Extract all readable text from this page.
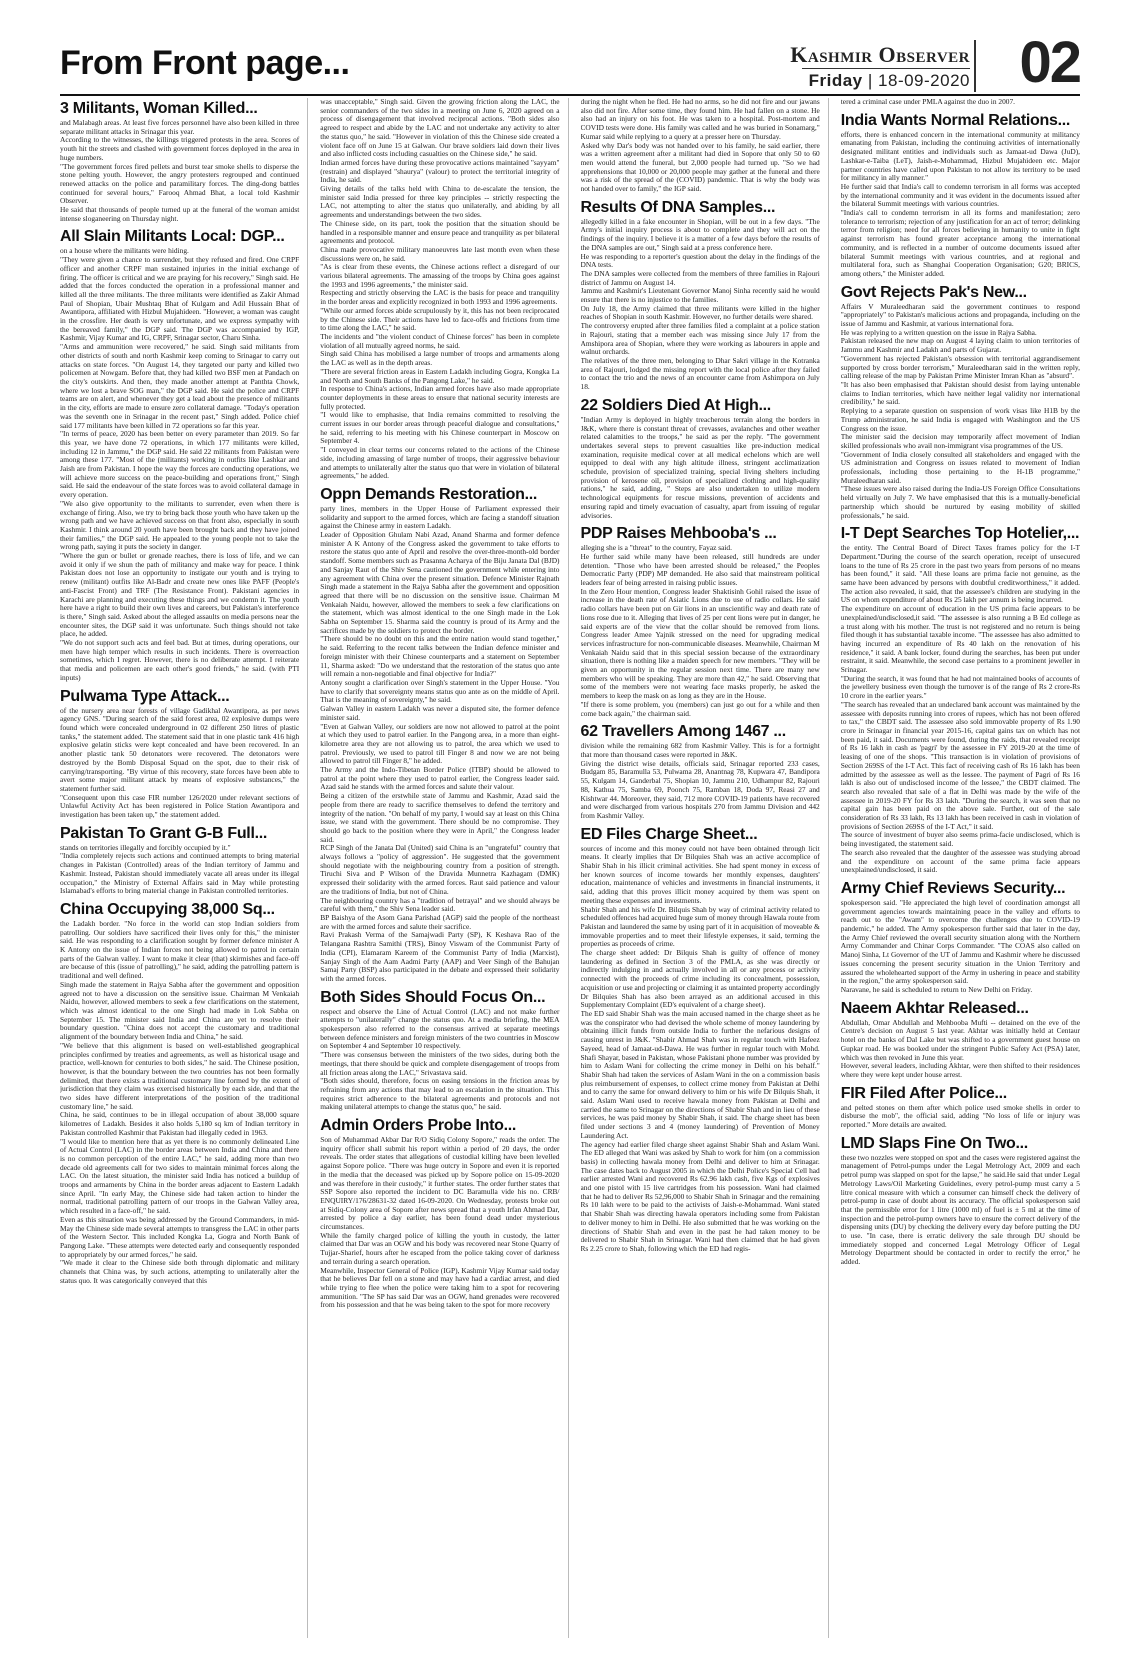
From Front page...	Kashmir Observer
Friday | 18-09-2020 02
3 Militants, Woman Killed...

and Malabagh areas. At least five forces personnel have also been killed in three separate militant attacks in Srinagar this year.

According to the witnesses, the killings triggered protests in the area. Scores of youth hit the streets and clashed with government forces deployed in the area in huge numbers.

"The government forces fired pellets and burst tear smoke shells to disperse the stone pelting youth. However, the angry protesters regrouped and continued renewed attacks on the police and paramilitary forces. The ding-dong battles continued for several hours," Farooq Ahmad Bhat, a local told Kashmir Observer.

He said that thousands of people turned up at the funeral of the woman amidst intense sloganeering on Thursday night.

All Slain Militants Local: DGP...

on a house where the militants were hiding.

"They were given a chance to surrender, but they refused and fired. One CRPF officer and another CRPF man sustained injuries in the initial exchange of firing. The officer is critical and we are praying for his recovery," Singh said. He added that the forces conducted the operation in a professional manner and killed all the three militants. The three militants were identified as Zakir Ahmad Paul of Shopian, Ubair Mushtaq Bhat of Kulgam and Adil Hussain Bhat of Awantipora, affiliated with Hizbul Mujahideen. "However, a woman was caught in the crossfire. Her death is very unfortunate, and we express sympathy with the bereaved family," the DGP said. The DGP was accompanied by IGP, Kashmir, Vijay Kumar and IG, CRPF, Srinagar sector, Charu Sinha.

"Arms and ammunition were recovered," he said. Singh said militants from other districts of south and north Kashmir keep coming to Srinagar to carry out attacks on state forces. "On August 14, they targeted our party and killed two policemen at Nowgam. Before that, they had killed two BSF men at Pandach on the city's outskirts. And then, they made another attempt at Panthta Chowk, where we lost a brave SOG man," the DGP said. He said the police and CRPF teams are on alert, and whenever they get a lead about the presence of militants in the city, efforts are made to ensure zero collateral damage. "Today's operation was the seventh one in Srinagar in the recent past," Singh added. Police chief said 177 militants have been killed in 72 operations so far this year.

"In terms of peace, 2020 has been better on every parameter than 2019. So far this year, we have done 72 operations, in which 177 militants were killed, including 12 in Jammu," the DGP said. He said 22 militants from Pakistan were among these 177. "Most of the (militants) working in outfits like Lashkar and Jaish are from Pakistan. I hope the way the forces are conducting operations, we will achieve more success on the peace-building and operations front," Singh said. He said the endeavour of the state forces was to avoid collateral damage in every operation.

"We also give opportunity to the militants to surrender, even when there is exchange of firing. Also, we try to bring back those youth who have taken up the wrong path and we have achieved success on that front also, especially in south Kashmir. I think around 20 youth have been brought back and they have joined their families," the DGP said. He appealed to the young people not to take the wrong path, saying it puts the society in danger.

"Where the gun or bullet or grenade reaches, there is loss of life, and we can avoid it only if we shun the path of militancy and make way for peace. I think Pakistan does not lose an opportunity to instigate our youth and is trying to renew (militant) outfits like Al-Badr and create new ones like PAFF (People's anti-Fascist Front) and TRF (The Resistance Front). Pakistani agencies in Karachi are planning and executing these things and we condemn it. The youth here have a right to build their own lives and careers, but Pakistan's interference is there," Singh said. Asked about the alleged assaults on media persons near the encounter sites, the DGP said it was unfortunate. Such things should not take place, he added.

"We do not support such acts and feel bad. But at times, during operations, our men have high temper which results in such incidents. There is overreaction sometimes, which I regret. However, there is no deliberate attempt. I reiterate that media and policemen are each other's good friends," he said. (with PTI inputs)

Pulwama Type Attack...

of the nursery area near forests of village Gadikhal Awantipora, as per news agency GNS. "During search of the said forest area, 02 explosive dumps were found which were concealed underground in 02 different 250 litres of plastic tanks," the statement added. The statement said that in one plastic tank 416 high explosive gelatin sticks were kept concealed and have been recovered. In an another plastic tank 50 detonators were recovered. The detonators were destroyed by the Bomb Disposal Squad on the spot, due to their risk of carrying/transporting. "By virtue of this recovery, state forces have been able to avert some major militant attack by means of explosive substances," the statement further said.

"Consequent upon this case FIR number 126/2020 under relevant sections of Unlawful Activity Act has been registered in Police Station Awantipora and investigation has been taken up," the statement added.

Pakistan To Grant G-B Full...

stands on territories illegally and forcibly occupied by it."

"India completely rejects such actions and continued attempts to bring material changes in Pakistan (Controlled) areas of the Indian territory of Jammu and Kashmir. Instead, Pakistan should immediately vacate all areas under its illegal occupation," the Ministry of External Affairs said in May while protesting Islamabad's efforts to bring material change in Pakistan controlled territories.

China Occupying 38,000 Sq...

the Ladakh border. "No force in the world can stop Indian soldiers from patrolling. Our soldiers have sacrificed their lives only for this," the minister said. He was responding to a clarification sought by former defence minister A K Antony on the issue of Indian forces not being allowed to patrol in certain parts of the Galwan valley. I want to make it clear (that) skirmishes and face-off are because of this (issue of patrolling)," he said, adding the patrolling pattern is traditional and well defined.

Singh made the statement in Rajya Sabha after the government and opposition agreed not to have a discussion on the sensitive issue. Chairman M Venkaiah Naidu, however, allowed members to seek a few clarifications on the statement, which was almost identical to the one Singh had made in Lok Sabha on September 15. The minister said India and China are yet to resolve their boundary question. "China does not accept the customary and traditional alignment of the boundary between India and China," he said.

"We believe that this alignment is based on well-established geographical principles confirmed by treaties and agreements, as well as historical usage and practice, well-known for centuries to both sides," he said. The Chinese position, however, is that the boundary between the two countries has not been formally delimited, that there exists a traditional customary line formed by the extent of jurisdiction that they claim was exercised historically by each side, and that the two sides have different interpretations of the position of the traditional customary line," he said.

China, he said, continues to be in illegal occupation of about 38,000 square kilometres of Ladakh. Besides it also holds 5,180 sq km of Indian territory in Pakistan controlled Kashmir that Pakistan had illegally ceded in 1963.

"I would like to mention here that as yet there is no commonly delineated Line of Actual Control (LAC) in the border areas between India and China and there is no common perception of the entire LAC," he said, adding more than two decade old agreements call for two sides to maintain minimal forces along the LAC. On the latest situation, the minister said India has noticed a buildup of troops and armaments by China in the border areas adjacent to Eastern Ladakh since April. "In early May, the Chinese side had taken action to hinder the normal, traditional patrolling pattern of our troops in the Galwan Valley area, which resulted in a face-off," he said.

Even as this situation was being addressed by the Ground Commanders, in mid-May the Chinese side made several attempts to transgress the LAC in other parts of the Western Sector. This included Kongka La, Gogra and North Bank of Pangong Lake. "These attempts were detected early and consequently responded to appropriately by our armed forces," he said.

"We made it clear to the Chinese side both through diplomatic and military channels that China was, by such actions, attempting to unilaterally alter the status quo. It was categorically conveyed that this

was unacceptable," Singh said. Given the growing friction along the LAC, the senior commanders of the two sides in a meeting on June 6, 2020 agreed on a process of disengagement that involved reciprocal actions. "Both sides also agreed to respect and abide by the LAC and not undertake any activity to alter the status quo," he said. "However in violation of this the Chinese side created a violent face off on June 15 at Galwan. Our brave soldiers laid down their lives and also inflicted costs including casualties on the Chinese side," he said.

Indian armed forces have during these provocative actions maintained "sayyam" (restrain) and displayed "shaurya" (valour) to protect the territorial integrity of India, he said.

Giving details of the talks held with China to de-escalate the tension, the minister said India pressed for three key principles -- strictly respecting the LAC, not attempting to alter the status quo unilaterally, and abiding by all agreements and understandings between the two sides.

The Chinese side, on its part, took the position that the situation should be handled in a responsible manner and ensure peace and tranquility as per bilateral agreements and protocol.

China made provocative military manoeuvres late last month even when these discussions were on, he said.

"As is clear from these events, the Chinese actions reflect a disregard of our various bilateral agreements. The amassing of the troops by China goes against the 1993 and 1996 agreements," the minister said.

Respecting and strictly observing the LAC is the basis for peace and tranquility in the border areas and explicitly recognized in both 1993 and 1996 agreements.

"While our armed forces abide scrupulously by it, this has not been reciprocated by the Chinese side. Their actions have led to face-offs and frictions from time to time along the LAC," he said.

The incidents and "the violent conduct of Chinese forces" has been in complete violation of all mutually agreed norms, he said.

Singh said China has mobilised a large number of troops and armaments along the LAC as well as in the depth areas.

"There are several friction areas in Eastern Ladakh including Gogra, Kongka La and North and South Banks of the Pangong Lake," he said.

In response to China's actions, Indian armed forces have also made appropriate counter deployments in these areas to ensure that national security interests are fully protected.

"I would like to emphasise, that India remains committed to resolving the current issues in our border areas through peaceful dialogue and consultations," he said, referring to his meeting with his Chinese counterpart in Moscow on September 4.

"I conveyed in clear terms our concerns related to the actions of the Chinese side, including amassing of large number of troops, their aggressive behaviour and attempts to unilaterally alter the status quo that were in violation of bilateral agreements," he added.

Oppn Demands Restoration...

party lines, members in the Upper House of Parliament expressed their solidarity and support to the armed forces, which are facing a standoff situation against the Chinese army in eastern Ladakh.

Leader of Opposition Ghulam Nabi Azad, Anand Sharma and former defence minister A K Antony of the Congress asked the government to take efforts to restore the status quo ante of April and resolve the over-three-month-old border standoff. Some members such as Prasanna Acharya of the Biju Janata Dal (BJD) and Sanjay Raut of the Shiv Sena cautioned the government while entering into any agreement with China over the present situation. Defence Minister Rajnath Singh made a statement in the Rajya Sabha after the government and opposition agreed that there will be no discussion on the sensitive issue. Chairman M Venkaiah Naidu, however, allowed the members to seek a few clarifications on the statement, which was almost identical to the one Singh made in the Lok Sabha on September 15. Sharma said the country is proud of its Army and the sacrifices made by the soldiers to protect the border.

"There should be no doubt on this and the entire nation would stand together," he said. Referring to the recent talks between the Indian defence minister and foreign minister with their Chinese counterparts and a statement on September 11, Sharma asked: "Do we understand that the restoration of the status quo ante will remain a non-negotiable and final objective for India?"

Antony sought a clarification over Singh's statement in the Upper House. "You have to clarify that sovereignty means status quo ante as on the middle of April. That is the meaning of sovereignty," he said.

Galwan Valley in eastern Ladakh was never a disputed site, the former defence minister said.

"Even at Galwan Valley, our soldiers are now not allowed to patrol at the point at which they used to patrol earlier. In the Pangong area, in a more than eight-kilometre area they are not allowing us to patrol, the area which we used to patrol. Previously, we used to patrol till Finger 8 and now we are not being allowed to patrol till Finger 8," he added.

The Army and the Indo-Tibetan Border Police (ITBP) should be allowed to patrol at the point where they used to patrol earlier, the Congress leader said. Azad said he stands with the armed forces and salute their valour.

Being a citizen of the erstwhile state of Jammu and Kashmir, Azad said the people from there are ready to sacrifice themselves to defend the territory and integrity of the nation. "On behalf of my party, I would say at least on this China issue, we stand with the government. There should be no compromise. They should go back to the position where they were in April," the Congress leader said.

RCP Singh of the Janata Dal (United) said China is an "ungrateful" country that always follows a "policy of aggression". He suggested that the government should negotiate with the neighbouring country from a position of strength. Tiruchi Siva and P Wilson of the Dravida Munnetra Kazhagam (DMK) expressed their solidarity with the armed forces. Raut said patience and valour are the traditions of India, but not of China.

The neighbouring country has a "tradition of betrayal" and we should always be careful with them," the Shiv Sena leader said.

BP Baishya of the Asom Gana Parishad (AGP) said the people of the northeast are with the armed forces and salute their sacrifice.

Ravi Prakash Verma of the Samajwadi Party (SP), K Keshava Rao of the Telangana Rashtra Samithi (TRS), Binoy Viswam of the Communist Party of India (CPI), Elamaram Kareem of the Communist Party of India (Marxist), Sanjay Singh of the Aam Aadmi Party (AAP) and Veer Singh of the Bahujan Samaj Party (BSP) also participated in the debate and expressed their solidarity with the armed forces.

Both Sides Should Focus On...

respect and observe the Line of Actual Control (LAC) and not make further attempts to "unilaterally" change the status quo. At a media briefing, the MEA spokesperson also referred to the consensus arrived at separate meetings between defence ministers and foreign ministers of the two countries in Moscow on September 4 and September 10 respectively.

"There was consensus between the ministers of the two sides, during both the meetings, that there should be quick and complete disengagement of troops from all friction areas along the LAC," Srivastava said.

"Both sides should, therefore, focus on easing tensions in the friction areas by refraining from any actions that may lead to an escalation in the situation. This requires strict adherence to the bilateral agreements and protocols and not making unilateral attempts to change the status quo," he said.

Admin Orders Probe Into...

Son of Muhammad Akbar Dar R/O Sidiq Colony Sopore," reads the order. The inquiry officer shall submit his report within a period of 20 days, the order reveals. The order states that allegations of custodial killing have been levelled against Sopore police. "There was huge outcry in Sopore and even it is reported in the media that the deceased was picked up by Sopore police on 15-09-2020 and was therefore in their custody," it further states. The order further states that SSP Sopore also reported the incident to DC Baramulla vide his no. CRB/ ENQUIRY/176/28631-32 dated 16-09-2020. On Wednesday, protests broke out at Sidiq-Colony area of Sopore after news spread that a youth Irfan Ahmad Dar, arrested by police a day earlier, has been found dead under mysterious circumstances.

While the family charged police of killing the youth in custody, the latter claimed that Dar was an OGW and his body was recovered near Stone Quarry of Tujjar-Sharief, hours after he escaped from the police taking cover of darkness and terrain during a search operation.

Meanwhile, Inspector General of Police (IGP), Kashmir Vijay Kumar said today that he believes Dar fell on a stone and may have had a cardiac arrest, and died while trying to flee when the police were taking him to a spot for recovering ammunition. "The SP has said Dar was an OGW, hand grenades were recovered from his possession and that he was being taken to the spot for more recovery

during the night when he fled. He had no arms, so he did not fire and our jawans also did not fire. After some time, they found him. He had fallen on a stone. He also had an injury on his foot. He was taken to a hospital. Post-mortem and COVID tests were done. His family was called and he was buried in Sonamarg," Kumar said while replying to a query at a presser here on Thursday.

Asked why Dar's body was not handed over to his family, he said earlier, there was a written agreement after a militant had died in Sopore that only 50 to 60 men would attend the funeral, but 2,000 people had turned up. "So we had apprehensions that 10,000 or 20,000 people may gather at the funeral and there was a risk of the spread of the (COVID) pandemic. That is why the body was not handed over to family," the IGP said.

Results Of DNA Samples...

allegedly killed in a fake encounter in Shopian, will be out in a few days. "The Army's initial inquiry process is about to complete and they will act on the findings of the inquiry. I believe it is a matter of a few days before the results of the DNA samples are out," Singh said at a press conference here.

He was responding to a reporter's question about the delay in the findings of the DNA tests.

The DNA samples were collected from the members of three families in Rajouri district of Jammu on August 14.

Jammu and Kashmir's Lieutenant Governor Manoj Sinha recently said he would ensure that there is no injustice to the families.

On July 18, the Army claimed that three militants were killed in the higher reaches of Shopian in south Kashmir. However, no further details were shared.

The controversy erupted after three families filed a complaint at a police station in Rajouri, stating that a member each was missing since July 17 from the Amshipora area of Shopian, where they were working as labourers in apple and walnut orchards.

The relatives of the three men, belonging to Dhar Sakri village in the Kotranka area of Rajouri, lodged the missing report with the local police after they failed to contact the trio and the news of an encounter came from Ashimpora on July 18.

22 Soldiers Died At High...

"Indian Army is deployed in highly treacherous terrain along the borders in J&K, where there is constant threat of crevasses, avalanches and other weather related calamities to the troops," he said as per the reply. "The government undertakes several steps to prevent casualties like pre-induction medical examination, requisite medical cover at all medical echelons which are well equipped to deal with any high altitude illness, stringent acclimatization schedule, provision of specialized training, special living shelters including provision of kerosene oil, provision of specialized clothing and high-quality rations," he said, adding, " Steps are also undertaken to utilize modern technological equipments for rescue missions, prevention of accidents and ensuring rapid and timely evacuation of casualty, apart from issuing of regular advisories.

PDP Raises Mehbooba's ...

alleging she is a "threat" to the country, Fayaz said.

He further said while many have been released, still hundreds are under detention. "Those who have been arrested should be released," the Peoples Democratic Party (PDP) MP demanded. He also said that mainstream political leaders fear of being arrested in raising public issues.

In the Zero Hour mention, Congress leader Shaktisinh Gohil raised the issue of increase in the death rate of Asiatic Lions due to use of radio collars. He said radio collars have been put on Gir lions in an unscientific way and death rate of lions rose due to it. Alleging that lives of 25 per cent lions were put in danger, he said experts are of the view that the collar should be removed from lions. Congress leader Amee Yajnik stressed on the need for upgrading medical services infrastructure for non-communicable diseases. Meanwhile, Chairman M Venkaiah Naidu said that in this special session because of the extraordinary situation, there is nothing like a maiden speech for new members. "They will be given an opportunity in the regular session next time. There are many new members who will be speaking. They are more than 42," he said. Observing that some of the members were not wearing face masks properly, he asked the members to keep the mask on as long as they are in the House.

"If there is some problem, you (members) can just go out for a while and then come back again," the chairman said.

62 Travellers Among 1467 ...

division while the remaining 682 from Kashmir Valley. This is for a fortnight that more than thousand cases were reported in J&K.

Giving the district wise details, officials said, Srinagar reported 233 cases, Budgam 85, Baramulla 53, Pulwama 28, Anantnag 78, Kupwara 47, Bandipora 55, Kulgam 14, Ganderbal 75, Shopian 10, Jammu 210, Udhampur 82, Rajouri 88, Kathua 75, Samba 69, Poonch 75, Ramban 18, Doda 97, Reasi 27 and Kishtwar 44. Moreover, they said, 712 more COVID-19 patients have recovered and were discharged from various hospitals 270 from Jammu Division and 442 from Kashmir Valley.

ED Files Charge Sheet...

sources of income and this money could not have been obtained through licit means. It clearly implies that Dr Bilquies Shah was an active accomplice of Shabir Shah in his illicit criminal activities. She had spent money in excess of her known sources of income towards her monthly expenses, daughters' education, maintenance of vehicles and investments in financial instruments, it said, adding that this proves illicit money acquired by them was spent on meeting these expenses and investments.

Shabir Shah and his wife Dr. Bilquis Shah by way of criminal activity related to scheduled offences had acquired huge sum of money through Hawala route from Pakistan and laundered the same by using part of it in acquisition of moveable & immovable properties and to meet their lifestyle expenses, it said, terming the properties as proceeds of crime.

The charge sheet added: Dr Bilquis Shah is guilty of offence of money laundering as defined in Section 3 of the PMLA, as she was directly or indirectly indulging in and actually involved in all or any process or activity connected with the proceeds of crime including its concealment, possession, acquisition or use and projecting or claiming it as untainted property accordingly Dr Bilquies Shah has also been arrayed as an additional accused in this Supplementary Complaint (ED's equivalent of a charge sheet).

The ED said Shabir Shah was the main accused named in the charge sheet as he was the conspirator who had devised the whole scheme of money laundering by obtaining illicit funds from outside India to further the nefarious designs of causing unrest in J&K. "Shabir Ahmad Shah was in regular touch with Hafeez Sayeed, head of Jamaat-ud-Dawa. He was further in regular touch with Mohd. Shafi Shayar, based in Pakistan, whose Pakistani phone number was provided by him to Aslam Wani for collecting the crime money in Delhi on his behalf." Shabir Shah had taken the services of Aslam Wani in the on a commission basis plus reimbursement of expenses, to collect crime money from Pakistan at Delhi and to carry the same for onward delivery to him or his wife Dr Bilquis Shah, it said. Aslam Wani used to receive hawala money from Pakistan at Delhi and carried the same to Srinagar on the directions of Shabir Shah and in lieu of these services, he was paid money by Shabir Shah, it said. The charge sheet has been filed under sections 3 and 4 (money laundering) of Prevention of Money Laundering Act.

The agency had earlier filed charge sheet against Shabir Shah and Aslam Wani. The ED alleged that Wani was asked by Shah to work for him (on a commission basis) in collecting hawala money from Delhi and deliver to him at Srinagar. The case dates back to August 2005 in which the Delhi Police's Special Cell had earlier arrested Wani and recovered Rs 62.96 lakh cash, five Kgs of explosives and one pistol with 15 live cartridges from his possession. Wani had claimed that he had to deliver Rs 52,96,000 to Shabir Shah in Srinagar and the remaining Rs 10 lakh were to be paid to the activists of Jaish-e-Mohammad. Wani stated that Shabir Shah was directing hawala operators including some from Pakistan to deliver money to him in Delhi. He also submitted that he was working on the directions of Shabir Shah and even in the past he had taken money to be delivered to Shabir Shah in Srinagar. Wani had then claimed that he had given Rs 2.25 crore to Shah, following which the ED had regis-

tered a criminal case under PMLA against the duo in 2007.

India Wants Normal Relations...

efforts, there is enhanced concern in the international community at militancy emanating from Pakistan, including the continuing activities of internationally designated militant entities and individuals such as Jamaat-ud Dawa (JuD), Lashkar-e-Taiba (LeT), Jaish-e-Mohammad, Hizbul Mujahideen etc. Major partner countries have called upon Pakistan to not allow its territory to be used for militancy in ally manner."

He further said that India's call to condemn terrorism in all forms was accepted by the international community and it was evident in the documents issued after the bilateral Summit meetings with various countries.

"India's call to condemn terrorism in all its forms and manifestation; zero tolerance to terrorism; rejection of any justification for an act of terror; delinking terror from religion; need for all forces believing in humanity to unite in fight against terrorism has found greater acceptance among the international community, and is reflected in a number of outcome documents issued after bilateral Summit meetings with various countries, and at regional and multilateral fora, such as Shanghai Cooperation Organisation; G20; BRICS, among others," the Minister added.

Govt Rejects Pak's New...

Affairs V Muraleedharan said the government continues to respond "appropriately" to Pakistan's malicious actions and propaganda, including on the issue of Jammu and Kashmir, at various international fora.

He was replying to a written question on the issue in Rajya Sabha.

Pakistan released the new map on August 4 laying claim to union territories of Jammu and Kashmir and Ladakh and parts of Gujarat.

"Government has rejected Pakistan's obsession with territorial aggrandisement supported by cross border terrorism," Muraleedharan said in the written reply, calling release of the map by Pakistan Prime Minister Imran Khan as "absurd".

"It has also been emphasised that Pakistan should desist from laying untenable claims to Indian territories, which have neither legal validity nor international credibility," he said.

Replying to a separate question on suspension of work visas like H1B by the Trump administration, he said India is engaged with Washington and the US Congress on the issue.

The minister said the decision may temporarily affect movement of Indian skilled professionals who avail non-immigrant visa programmes of the US.

"Government of India closely consulted all stakeholders and engaged with the US administration and Congress on issues related to movement of Indian professionals, including those pertaining to the H-1B programme," Muraleedharan said.

"These issues were also raised during the India-US Foreign Office Consultations held virtually on July 7. We have emphasised that this is a mutually-beneficial partnership which should be nurtured by easing mobility of skilled professionals," he said.

I-T Dept Searches Top Hotelier,...

the entity. The Central Board of Direct Taxes frames policy for the I-T Department."During the course of the search operation, receipt of unsecured loans to the tune of Rs 25 crore in the past two years from persons of no means has been found," it said. "All these loans are prima facie not genuine, as the same have been advanced by persons with doubtful creditworthiness," it added. The action also revealed, it said, that the assessee's children are studying in the US on whom expenditure of about Rs 25 lakh per annum is being incurred.

The expenditure on account of education in the US prima facie appears to be unexplained/undisclosed,it said. "The assessee is also running a B Ed college as a trust along with his mother. The trust is not registered and no return is being filed though it has substantial taxable income. "The assessee has also admitted to having incurred an expenditure of Rs 40 lakh on the renovation of his residence," it said. A bank locker, found during the searches, has been put under restraint, it said. Meanwhile, the second case pertains to a prominent jeweller in Srinagar.

"During the search, it was found that he had not maintained books of accounts of the jewellery business even though the turnover is of the range of Rs 2 crore-Rs 10 crore in the earlier years."

"The search has revealed that an undeclared bank account was maintained by the assessee with deposits running into crores of rupees, which has not been offered to tax," the CBDT said. The assessee also sold immovable property of Rs 1.90 crore in Srinagar in financial year 2015-16, capital gains tax on which has not been paid, it said. Documents were found, during the raids, that revealed receipt of Rs 16 lakh in cash as 'pagri' by the assessee in FY 2019-20 at the time of leasing of one of the shops. "This transaction is in violation of provisions of Section 269SS of the I-T Act. This fact of receiving cash of Rs 16 lakh has been admitted by the assessee as well as the lessee. The payment of Pagri of Rs 16 lakh is also out of undisclosed income of the lessee," the CBDT claimed. The search also revealed that sale of a flat in Delhi was made by the wife of the assessee in 2019-20 FY for Rs 33 lakh. "During the search, it was seen that no capital gain has been paid on the above sale. Further, out of the sale consideration of Rs 33 lakh, Rs 13 lakh has been received in cash in violation of provisions of Section 269SS of the I-T Act," it said.

The source of investment of buyer also seems prima-facie undisclosed, which is being investigated, the statement said.

The search also revealed that the daughter of the assessee was studying abroad and the expenditure on account of the same prima facie appears unexplained/undisclosed, it said.

Army Chief Reviews Security...

spokesperson said. "He appreciated the high level of coordination amongst all government agencies towards maintaining peace in the valley and efforts to reach out to the "Awam" to overcome the challenges due to COVID-19 pandemic," he added. The Army spokesperson further said that later in the day, the Army Chief reviewed the overall security situation along with the Northern Army Commander and Chinar Corps Commander. "The COAS also called on Manoj Sinha, Lt Governor of the UT of Jammu and Kashmir where he discussed issues concerning the present security situation in the Union Territory and assured the wholehearted support of the Army in ushering in peace and stability in the region," the army spokesperson said.

Naravane, he said is scheduled to return to New Delhi on Friday.

Naeem Akhtar Released...

Abdullah, Omar Abdullah and Mehbooba Mufti -- detained on the eve of the Centre's decision on August 5 last year. Akhtar was initially held at Centaur hotel on the banks of Dal Lake but was shifted to a government guest house on Gupkar road. He was booked under the stringent Public Safety Act (PSA) later, which was then revoked in June this year.

However, several leaders, including Akhtar, were then shifted to their residences where they were kept under house arrest.

FIR Filed After Police...

and pelted stones on them after which police used smoke shells in order to disburse the mob", the official said, adding "No loss of life or injury was reported." More details are awaited.

LMD Slaps Fine On Two...

these two nozzles were stopped on spot and the cases were registered against the management of Petrol-pumps under the Legal Metrology Act, 2009 and each petrol pump was slapped on spot for the lapse," he said.He said that under Legal Metrology Laws/Oil Marketing Guidelines, every petrol-pump must carry a 5 litre conical measure with which a consumer can himself check the delivery of petrol-pump in case of doubt about its accuracy. The official spokesperson said that the permissible error for 1 litre (1000 ml) of fuel is ± 5 ml at the time of inspection and the petrol-pump owners have to ensure the correct delivery of the dispensing units (DU) by checking the delivery every day before putting the DU to use. "In case, there is erratic delivery the sale through DU should be immediately stopped and concerned Legal Metrology Officer of Legal Metrology Department should be contacted in order to rectify the error," he added.
